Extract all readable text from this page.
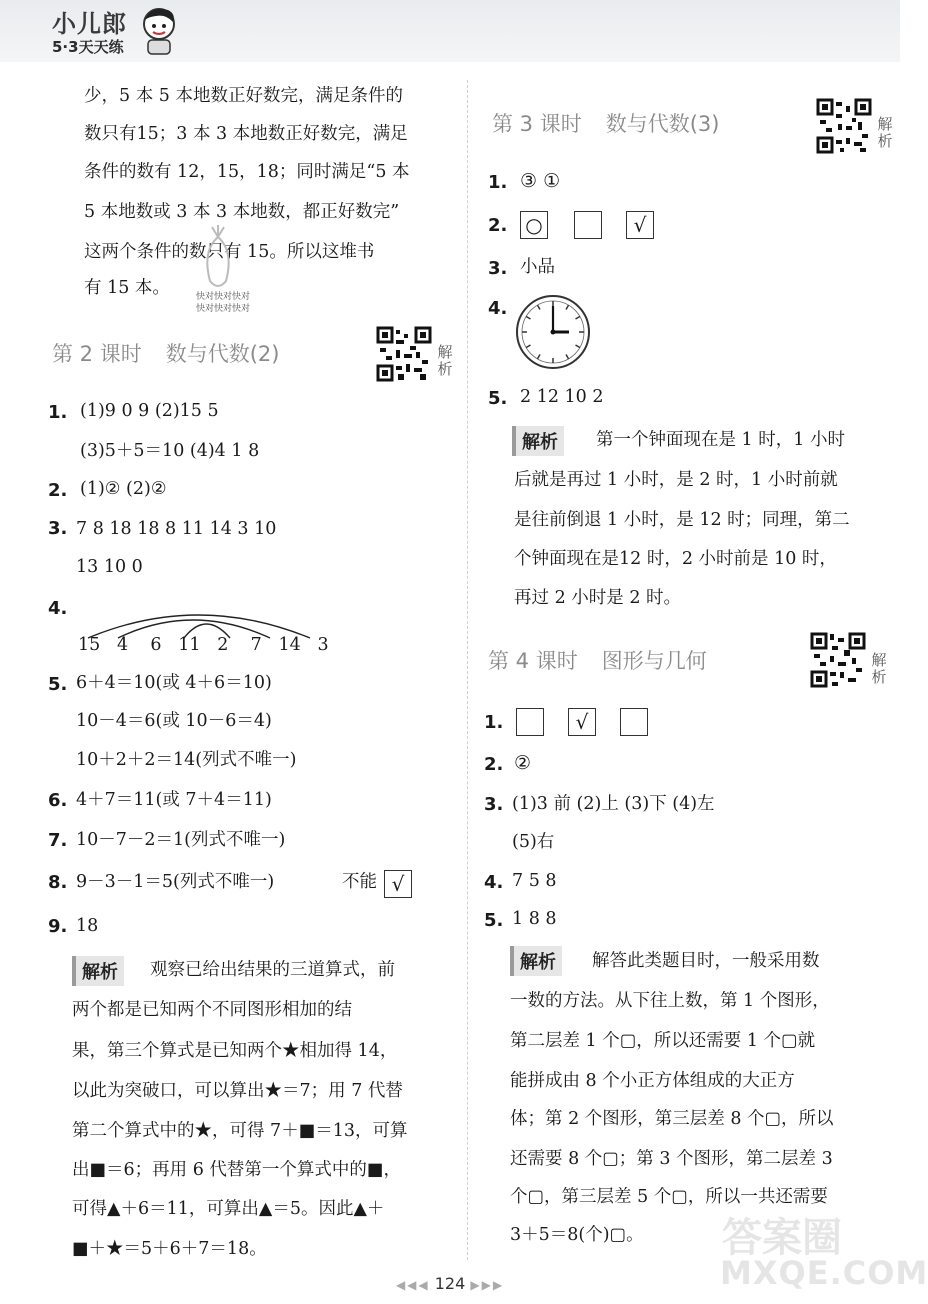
小儿郎
5·3天天练
少，5 本 5 本地数正好数完，满足条件的
数只有15；3 本 3 本地数正好数完，满足
条件的数有 12，15，18；同时满足“5 本
5 本地数或 3 本 3 本地数，都正好数完”
这两个条件的数只有 15。所以这堆书
有 15 本。	快对快对快对
快对快对快对
第 2 课时 数与代数(2)	解
析
1. (1)9 0 9 (2)15 5
(3)5＋5＝10 (4)4 1 8
2. (1)② (2)②
3. 7 8 18 18 8 11 14 3 10
13 10 0
4.
15 4 6 11 2 7 14 3
5. 6＋4＝10(或 4＋6＝10)
10－4＝6(或 10－6＝4)
10＋2＋2＝14(列式不唯一)
6. 4＋7＝11(或 7＋4＝11)
7. 10－7－2＝1(列式不唯一)
8. 9－3－1＝5(列式不唯一)	不能 √
9. 18
解析	观察已给出结果的三道算式，前
两个都是已知两个不同图形相加的结
果，第三个算式是已知两个★相加得 14，
以此为突破口，可以算出★＝7；用 7 代替
第二个算式中的★，可得 7＋■＝13，可算
出■＝6；再用 6 代替第一个算式中的■，
可得▲＋6＝11，可算出▲＝5。因此▲＋
■＋★＝5＋6＋7＝18。
第 3 课时 数与代数(3)	解
析
1. ③ ①
2. ○	√
3. 小品
4.
5. 2 12 10 2
解析	第一个钟面现在是 1 时，1 小时
后就是再过 1 小时，是 2 时，1 小时前就
是往前倒退 1 小时，是 12 时；同理，第二
个钟面现在是12 时，2 小时前是 10 时，
再过 2 小时是 2 时。
第 4 课时 图形与几何	解
析
1.	√
2. ②
3. (1)3 前 (2)上 (3)下 (4)左
(5)右
4. 7 5 8
5. 1 8 8
解析	解答此类题目时，一般采用数
一数的方法。从下往上数，第 1 个图形，
第二层差 1 个▢，所以还需要 1 个▢就
能拼成由 8 个小正方体组成的大正方
体；第 2 个图形，第三层差 8 个▢，所以
还需要 8 个▢；第 3 个图形，第二层差 3
个▢，第三层差 5 个▢，所以一共还需要
3＋5＝8(个)▢。 答案圈
MXQE.COM
◀◀◀ 124 ▶▶▶
